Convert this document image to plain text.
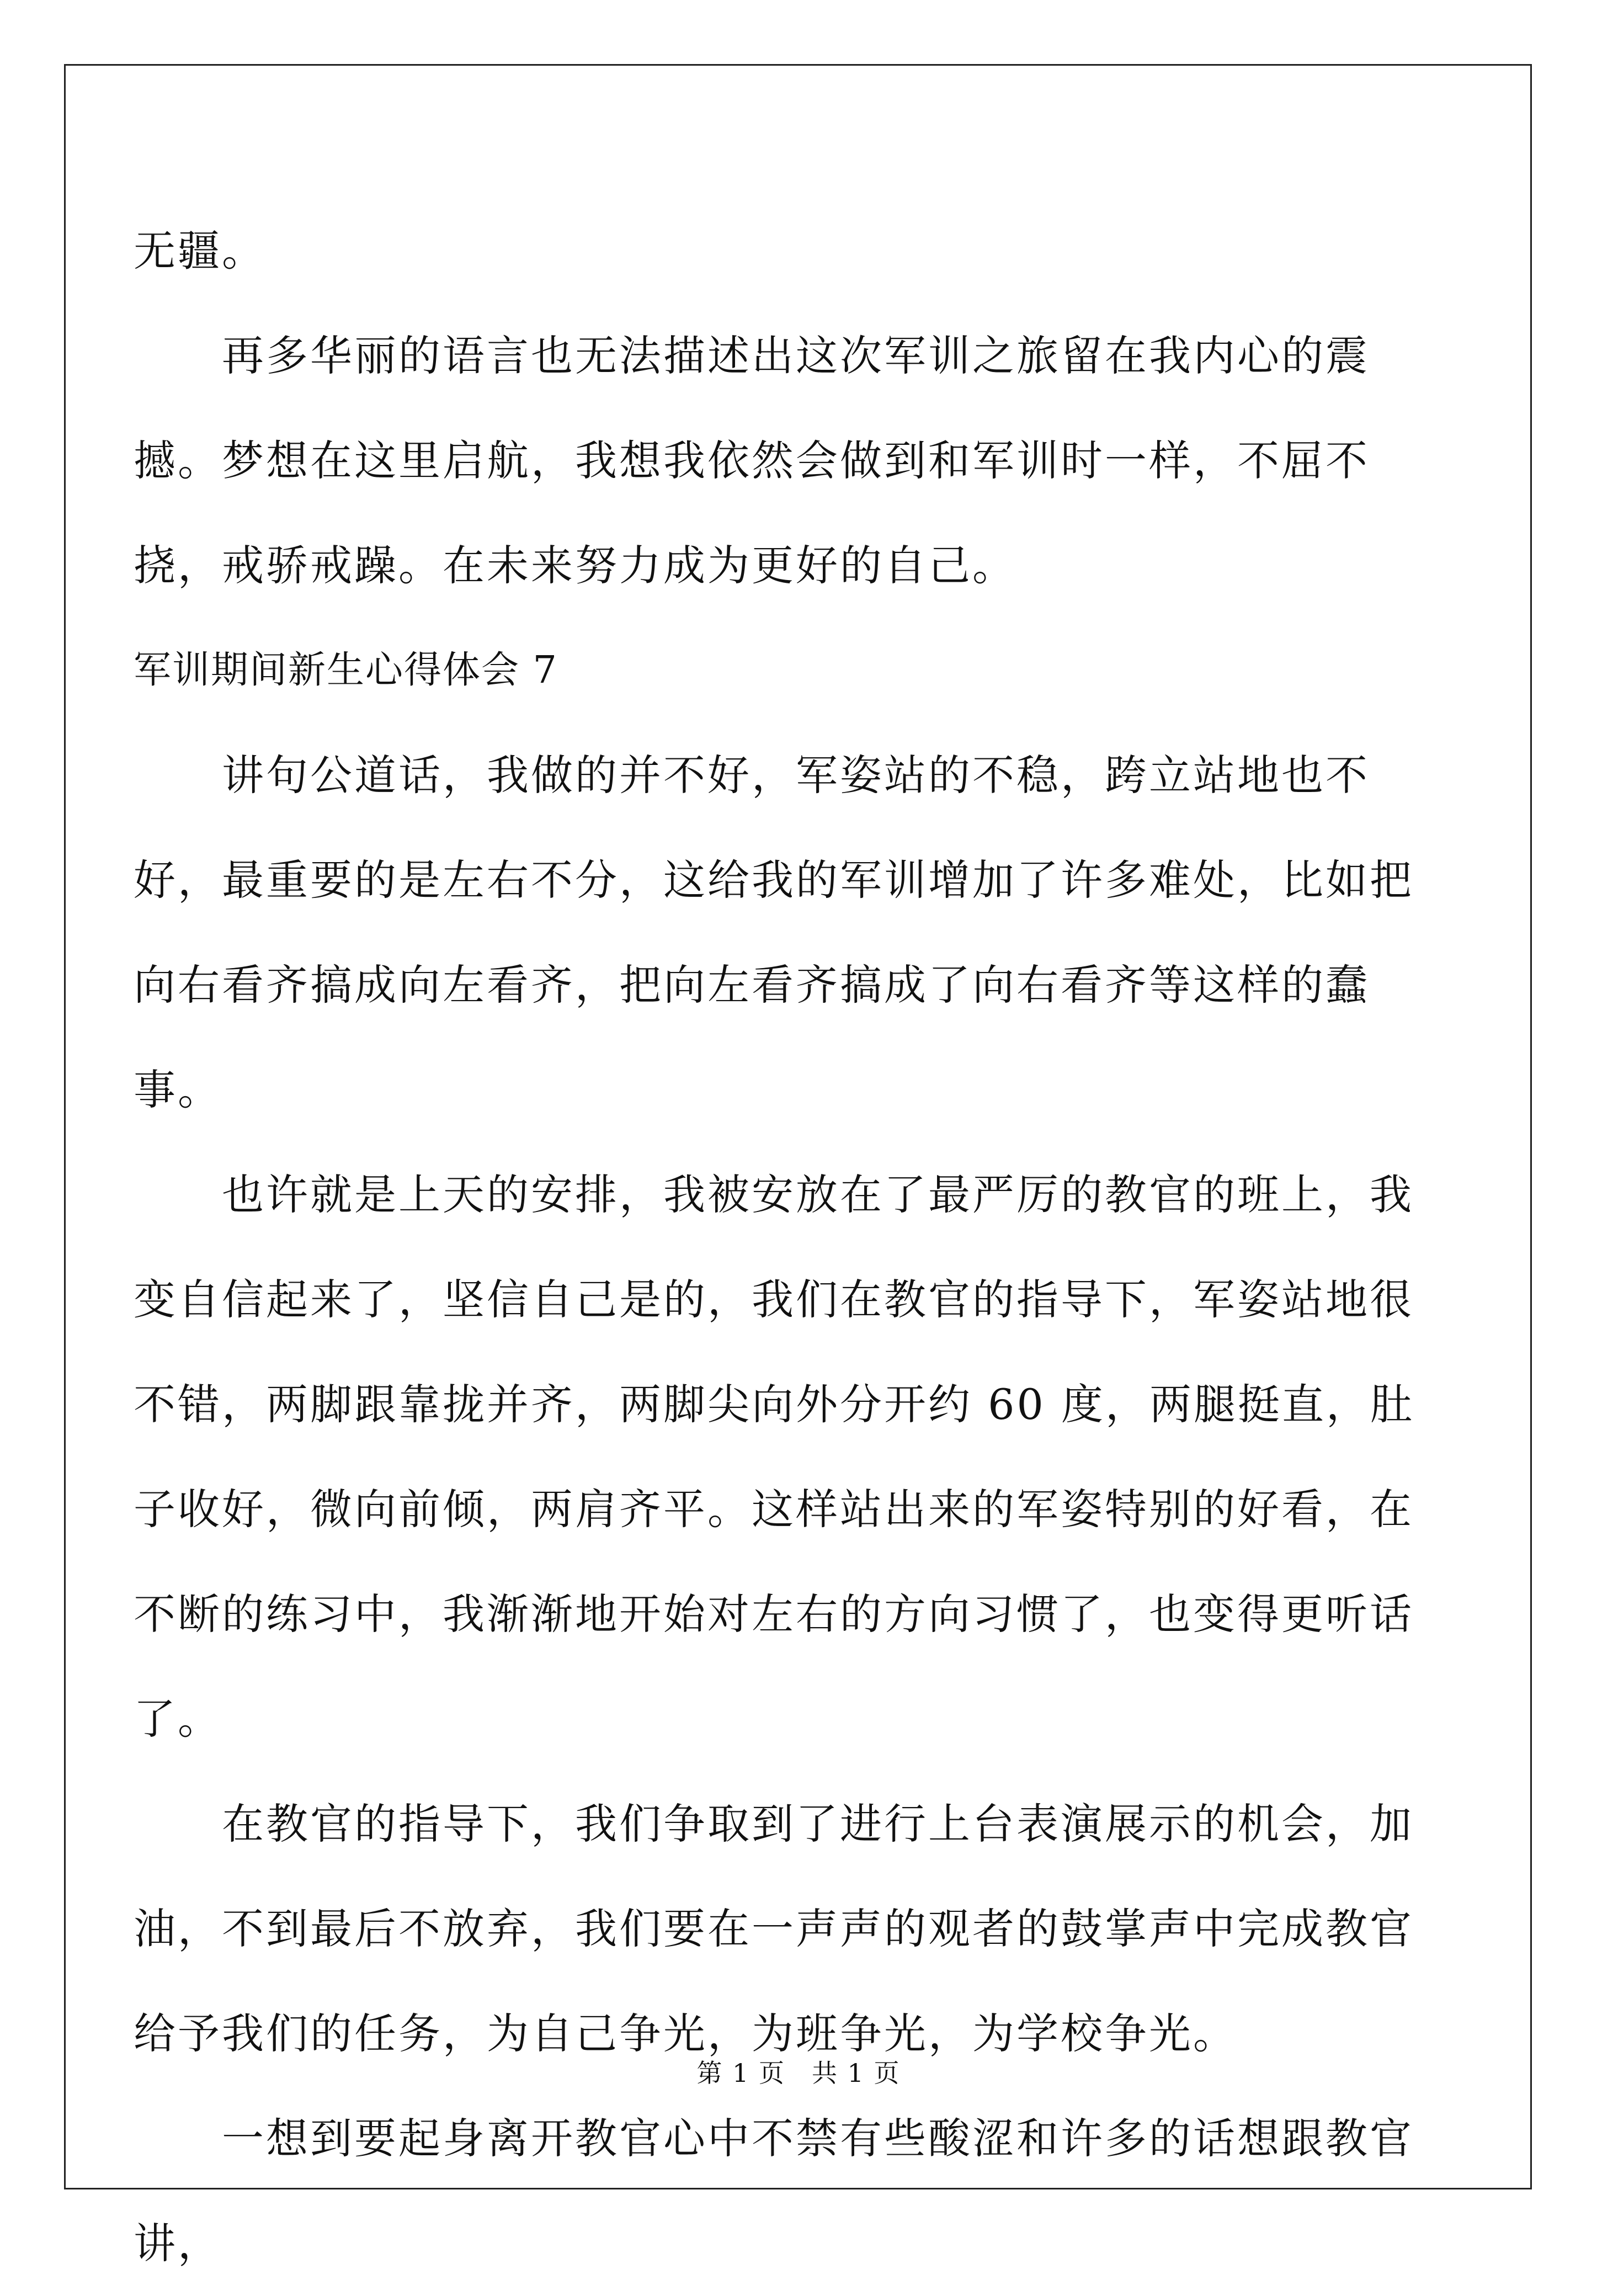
无疆。

　　再多华丽的语言也无法描述出这次军训之旅留在我内心的震撼。梦想在这里启航，我想我依然会做到和军训时一样，不屈不挠，戒骄戒躁。在未来努力成为更好的自己。

军训期间新生心得体会 7

　　讲句公道话，我做的并不好，军姿站的不稳，跨立站地也不好，最重要的是左右不分，这给我的军训增加了许多难处，比如把向右看齐搞成向左看齐，把向左看齐搞成了向右看齐等这样的蠢事。

　　也许就是上天的安排，我被安放在了最严厉的教官的班上，我变自信起来了，坚信自己是的，我们在教官的指导下，军姿站地很不错，两脚跟靠拢并齐，两脚尖向外分开约 60 度，两腿挺直，肚子收好，微向前倾，两肩齐平。这样站出来的军姿特别的好看，在不断的练习中，我渐渐地开始对左右的方向习惯了，也变得更听话了。

　　在教官的指导下，我们争取到了进行上台表演展示的机会，加油，不到最后不放弃，我们要在一声声的观者的鼓掌声中完成教官给予我们的任务，为自己争光，为班争光，为学校争光。

　　一想到要起身离开教官心中不禁有些酸涩和许多的话想跟教官讲，

第 1 页　共 1 页
